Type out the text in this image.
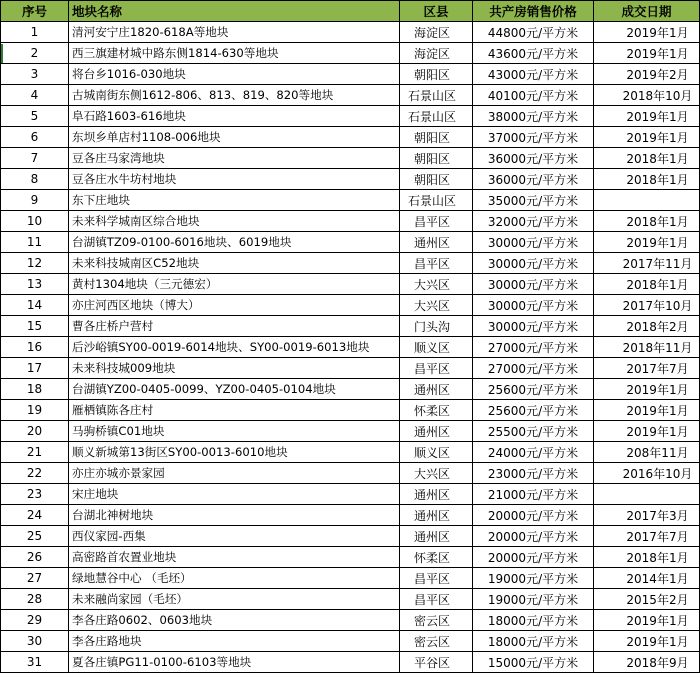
序号	地块名称	区县	共产房销售价格	成交日期
1	清河安宁庄1820-618A等地块	海淀区	44800元/平方米	2019年1月
2	西三旗建材城中路东侧1814-630等地块	海淀区	43600元/平方米	2019年1月
3	将台乡1016-030地块	朝阳区	43000元/平方米	2019年2月
4	古城南街东侧1612-806、813、819、820等地块	石景山区	40100元/平方米	2018年10月
5	阜石路1603-616地块	石景山区	38000元/平方米	2019年1月
6	东坝乡单店村1108-006地块	朝阳区	37000元/平方米	2019年1月
7	豆各庄马家湾地块	朝阳区	36000元/平方米	2018年1月
8	豆各庄水牛坊村地块	朝阳区	36000元/平方米	2018年1月
9	东下庄地块	石景山区	35000元/平方米	
10	未来科学城南区综合地块	昌平区	32000元/平方米	2018年1月
11	台湖镇TZ09-0100-6016地块、6019地块	通州区	30000元/平方米	2019年1月
12	未来科技城南区C52地块	昌平区	30000元/平方米	2017年11月
13	黄村1304地块（三元德宏）	大兴区	30000元/平方米	2018年1月
14	亦庄河西区地块（博大）	大兴区	30000元/平方米	2017年10月
15	曹各庄桥户营村	门头沟	30000元/平方米	2018年2月
16	后沙峪镇SY00-0019-6014地块、SY00-0019-6013地块	顺义区	27000元/平方米	2018年11月
17	未来科技城009地块	昌平区	27000元/平方米	2017年7月
18	台湖镇YZ00-0405-0099、YZ00-0405-0104地块	通州区	25600元/平方米	2019年1月
19	雁栖镇陈各庄村	怀柔区	25600元/平方米	2019年1月
20	马驹桥镇C01地块	通州区	25500元/平方米	2019年1月
21	顺义新城第13街区SY00-0013-6010地块	顺义区	24000元/平方米	208年11月
22	亦庄亦城亦景家园	大兴区	23000元/平方米	2016年10月
23	宋庄地块	通州区	21000元/平方米	
24	台湖北神树地块	通州区	20000元/平方米	2017年3月
25	西仪家园-西集	通州区	20000元/平方米	2017年7月
26	高密路首农置业地块	怀柔区	20000元/平方米	2018年1月
27	绿地慧谷中心 （毛坯）	昌平区	19000元/平方米	2014年1月
28	未来融尚家园（毛坯）	昌平区	19000元/平方米	2015年2月
29	李各庄路0602、0603地块	密云区	18000元/平方米	2019年1月
30	李各庄路地块	密云区	18000元/平方米	2019年1月
31	夏各庄镇PG11-0100-6103等地块	平谷区	15000元/平方米	2018年9月
